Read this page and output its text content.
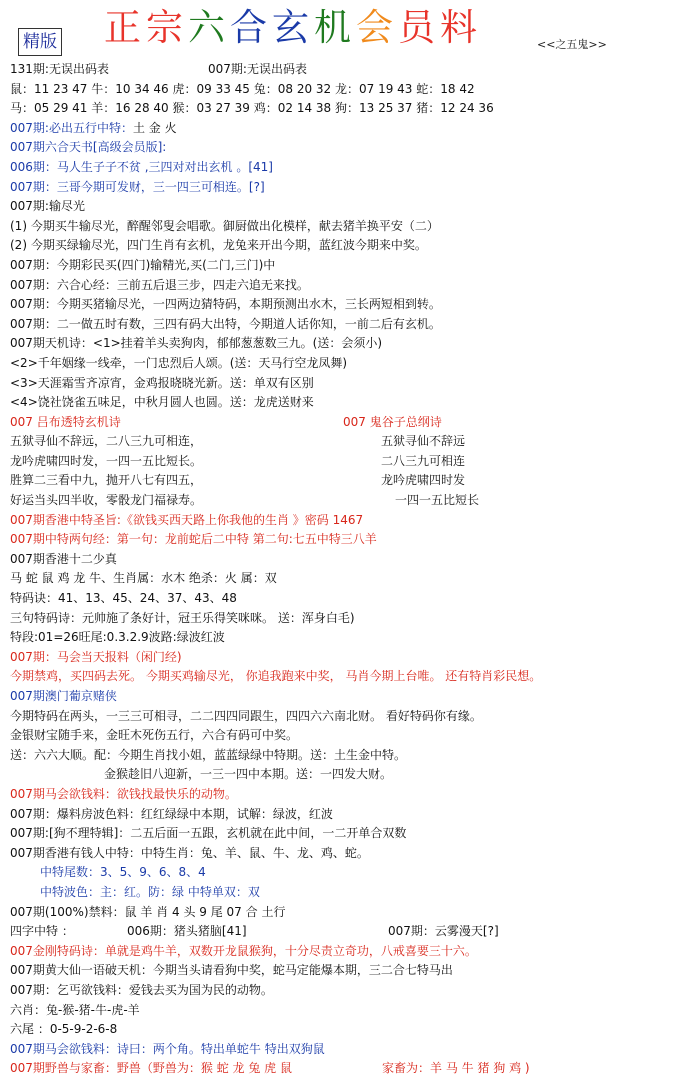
精版 正宗六合玄机会员料	<<之五鬼>>
131期:无误出码表	007期:无误出码表
鼠：11 23 47 牛：10 34 46 虎：09 33 45 兔：08 20 32 龙：07 19 43 蛇：18 42
马：05 29 41 羊：16 28 40 猴：03 27 39 鸡：02 14 38 狗：13 25 37 猪：12 24 36
007期:必出五行中特：土 金 火
007期六合天书[高级会员版]:
006期：马人生子子不贫 ,三四对对出玄机 。[41]
007期：三哥今期可发财，三一四三可相连。[?]
007期:输尽光
(1) 今期买牛输尽光，醉醒邻叟会唱歌。御厨做出化模样，献去猪羊换平安（二）
(2) 今期买绿输尽光，四门生肖有玄机，龙兔来开出今期，蓝红波今期来中奖。
007期：今期彩民买(四门)输精光,买(二门,三门)中
007期：六合心经：三前五后退三步，四走六追无来找。
007期：今期买猪输尽光，一四两边猜特码，本期预测出水木，三长两短相到转。
007期：二一做五时有数，三四有码大出特，今期道人话你知，一前二后有玄机。
007期天机诗：<1>挂着羊头卖狗肉，郁郁葱葱数三九。(送：会须小)
<2>千年姻缘一线牵，一门忠烈后人颂。(送：天马行空龙凤舞)
<3>天涯霜雪齐凉宵，金鸡报晓晓光新。送：单双有区别
<4>饶社饶雀五味足，中秋月圆人也圆。送：龙虎送财来
007 吕布透特玄机诗	007 鬼谷子总纲诗
五狱寻仙不辞远，二八三九可相连，	五狱寻仙不辞远
龙吟虎啸四时发，一四一五比短长。	二八三九可相连
胜算二三看中九，抛开八七有四五，	龙吟虎啸四时发
好运当头四半收，零骰龙门福禄寿。	一四一五比短长
007期香港中特圣旨:《欲钱买西天路上你我他的生肖 》密码 1467
007期中特两句经：第一句：龙前蛇后二中特 第二句:七五中特三八羊
007期香港十二少真
马 蛇 鼠 鸡 龙 牛、生肖属：水木 绝杀：火 属：双
特码诀：41、13、45、24、37、43、48
三句特码诗：元帅施了条好计，冠王乐得笑咪咪。 送：浑身白毛)
特段:01=26旺尾:0.3.2.9波路:绿波红波
007期：马会当天报料（闲门经)
今期禁鸡，买四码去死。 今期买鸡输尽光， 你追我跑来中奖， 马肖今期上台唯。 还有特肖彩民想。
007期澳门葡京赌侠
今期特码在两头，一三三可相寻，二二四四同跟生，四四六六南北财。 看好特码你有缘。
金银财宝随手来，金旺木死伤五行，六合有码可中奖。
送：六六大顺。配：今期生肖找小姐，蓝蓝绿绿中特期。送：土生金中特。
金猴趁旧八迎新，一三一四中本期。送：一四发大财。
007期马会欲钱料：欲钱找最快乐的动物。
007期：爆料房波色料：红红绿绿中本期，试解：绿波，红波
007期:[狗不理特辑]：二五后面一五跟，玄机就在此中间，一二开单合双数
007期香港有钱人中特：中特生肖：兔、羊、鼠、牛、龙、鸡、蛇。
中特尾数：3、5、9、6、8、4
中特波色：主：红。防：绿 中特单双：双
007期(100%)禁料：鼠 羊 肖 4 头 9 尾 07 合 土行
四字中特 ：	006期：猪头猪脑[41]	007期：云雾漫天[?]
007金刚特码诗：单就是鸡牛羊，双数开龙鼠猴狗，十分尽责立奇功，八戒喜要三十六。
007期黄大仙一语破天机：今期当头请看狗中奖，蛇马定能爆本期，三二合七特马出
007期：乞丐欲钱料：爱钱去买为国为民的动物。
六肖：兔-猴-猪-牛-虎-羊
六尾 ：0-5-9-2-6-8
007期马会欲钱料：诗曰：两个角。特出单蛇牛 特出双狗鼠
007期野兽与家畜：野兽（野兽为：猴 蛇 龙 兔 虎 鼠	家畜为：羊 马 牛 猪 狗 鸡 )
